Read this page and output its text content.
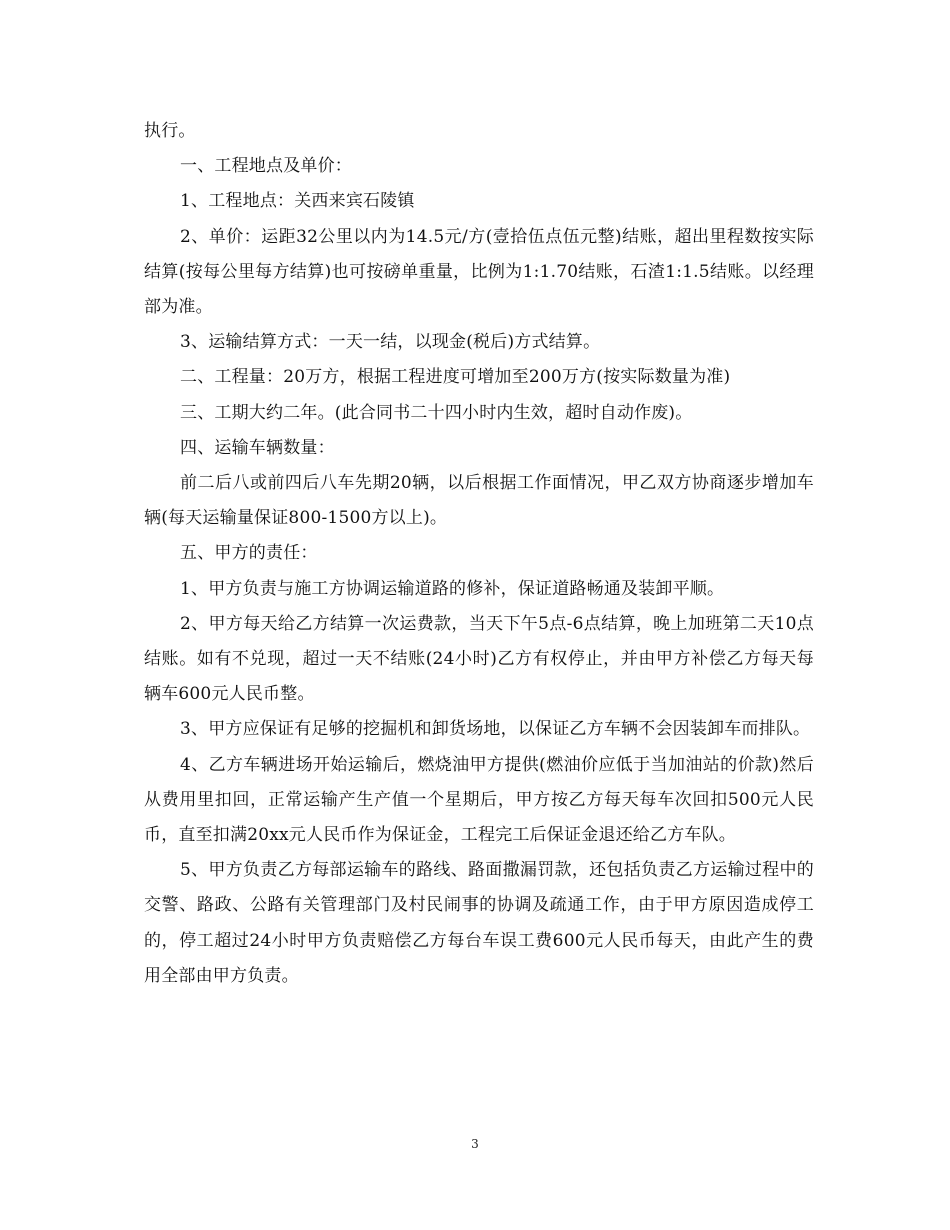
执行。

一、工程地点及单价：

1、工程地点：关西来宾石陵镇

2、单价：运距32公里以内为14.5元/方(壹拾伍点伍元整)结账，超出里程数按实际结算(按每公里每方结算)也可按磅单重量，比例为1:1.70结账，石渣1:1.5结账。以经理部为准。

3、运输结算方式：一天一结，以现金(税后)方式结算。

二、工程量：20万方，根据工程进度可增加至200万方(按实际数量为准)

三、工期大约二年。(此合同书二十四小时内生效，超时自动作废)。

四、运输车辆数量：

前二后八或前四后八车先期20辆，以后根据工作面情况，甲乙双方协商逐步增加车辆(每天运输量保证800-1500方以上)。

五、甲方的责任：

1、甲方负责与施工方协调运输道路的修补，保证道路畅通及装卸平顺。

2、甲方每天给乙方结算一次运费款，当天下午5点-6点结算，晚上加班第二天10点结账。如有不兑现，超过一天不结账(24小时)乙方有权停止，并由甲方补偿乙方每天每辆车600元人民币整。

3、甲方应保证有足够的挖掘机和卸货场地，以保证乙方车辆不会因装卸车而排队。

4、乙方车辆进场开始运输后，燃烧油甲方提供(燃油价应低于当加油站的价款)然后从费用里扣回，正常运输产生产值一个星期后，甲方按乙方每天每车次回扣500元人民币，直至扣满20xx元人民币作为保证金，工程完工后保证金退还给乙方车队。

5、甲方负责乙方每部运输车的路线、路面撒漏罚款，还包括负责乙方运输过程中的交警、路政、公路有关管理部门及村民闹事的协调及疏通工作，由于甲方原因造成停工的，停工超过24小时甲方负责赔偿乙方每台车误工费600元人民币每天，由此产生的费用全部由甲方负责。

3
